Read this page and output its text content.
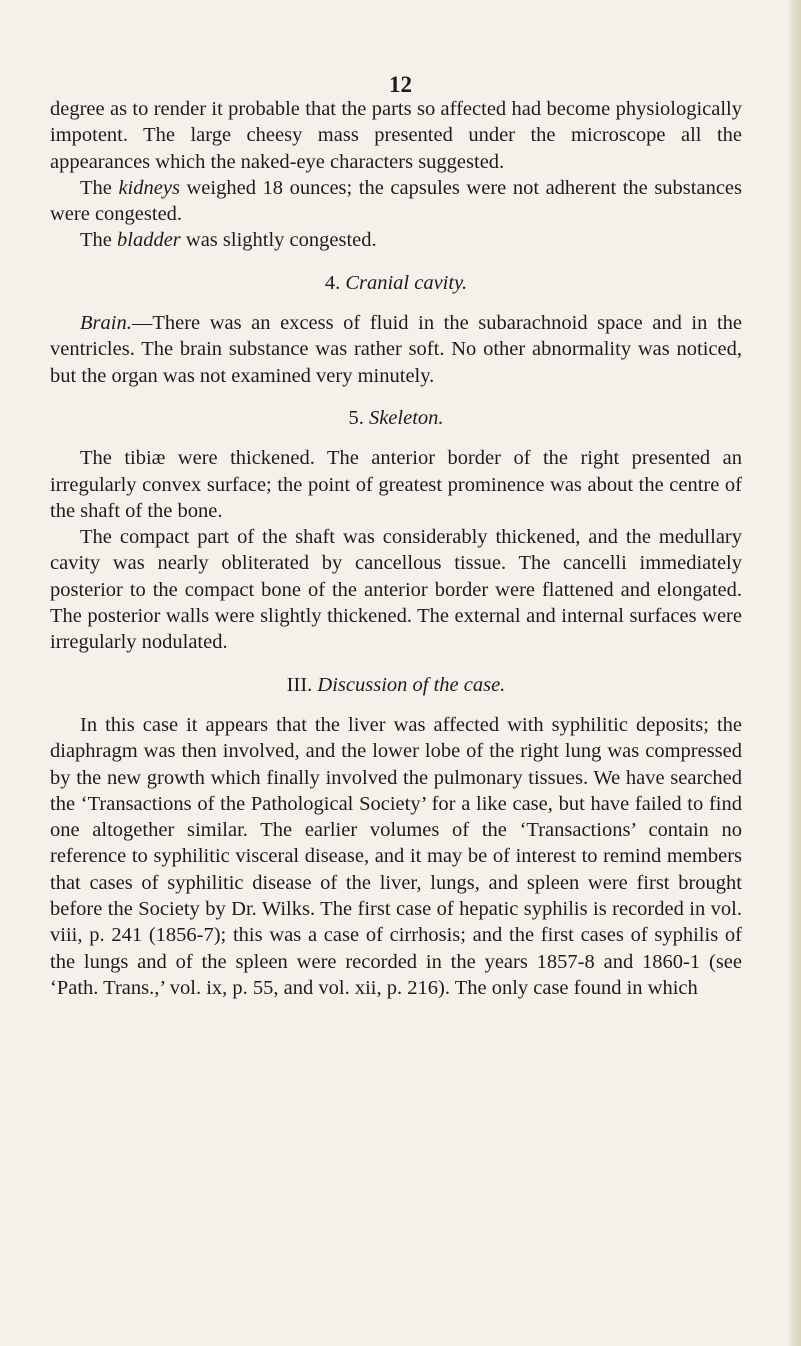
12

degree as to render it probable that the parts so affected had become physiologically impotent. The large cheesy mass presented under the microscope all the appearances which the naked-eye characters suggested.

The kidneys weighed 18 ounces; the capsules were not adherent the substances were congested.

The bladder was slightly congested.

4. Cranial cavity.

Brain.—There was an excess of fluid in the subarachnoid space and in the ventricles. The brain substance was rather soft. No other abnormality was noticed, but the organ was not examined very minutely.

5. Skeleton.

The tibiæ were thickened. The anterior border of the right presented an irregularly convex surface; the point of greatest prominence was about the centre of the shaft of the bone.

The compact part of the shaft was considerably thickened, and the medullary cavity was nearly obliterated by cancellous tissue. The cancelli immediately posterior to the compact bone of the anterior border were flattened and elongated. The posterior walls were slightly thickened. The external and internal surfaces were irregularly nodulated.

III. Discussion of the case.

In this case it appears that the liver was affected with syphilitic deposits; the diaphragm was then involved, and the lower lobe of the right lung was compressed by the new growth which finally involved the pulmonary tissues. We have searched the ‘Transactions of the Pathological Society’ for a like case, but have failed to find one altogether similar. The earlier volumes of the ‘Transactions’ contain no reference to syphilitic visceral disease, and it may be of interest to remind members that cases of syphilitic disease of the liver, lungs, and spleen were first brought before the Society by Dr. Wilks. The first case of hepatic syphilis is recorded in vol. viii, p. 241 (1856-7); this was a case of cirrhosis; and the first cases of syphilis of the lungs and of the spleen were recorded in the years 1857-8 and 1860-1 (see ‘Path. Trans.,’ vol. ix, p. 55, and vol. xii, p. 216). The only case found in which
